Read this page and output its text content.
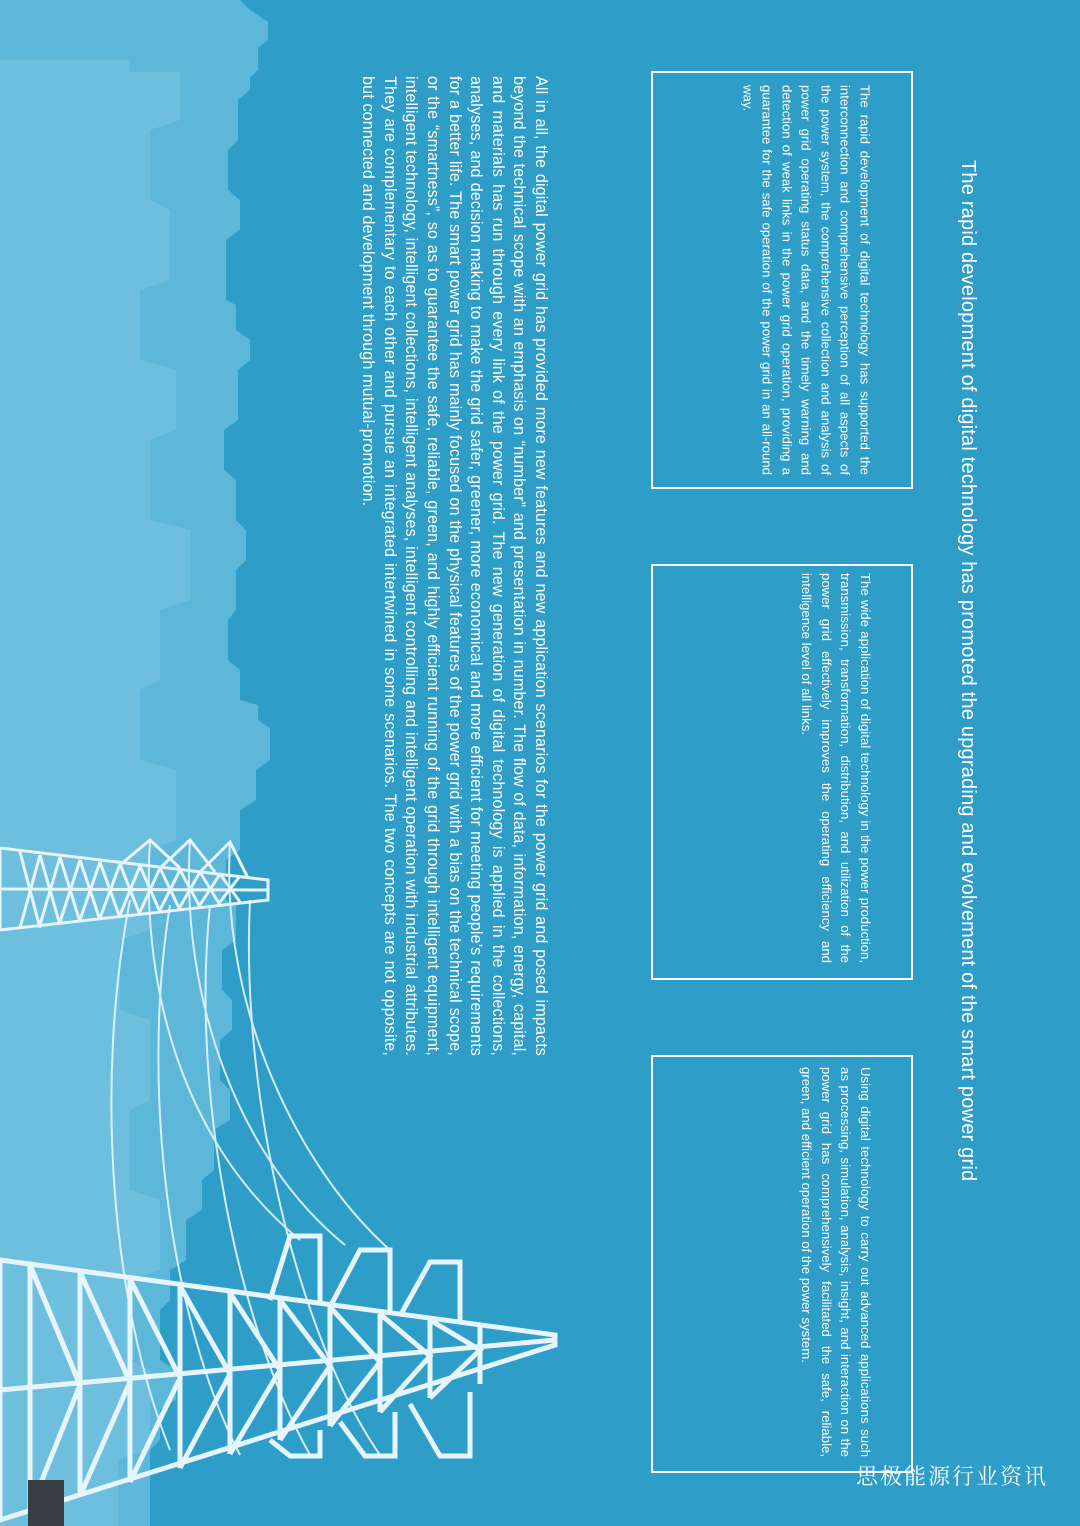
The rapid development of digital technology has promoted the upgrading and evolvement of the smart power grid
All in all, the digital power grid has provided more new features and new application scenarios for the power grid and posed impacts beyond the technical scope with an emphasis on “number” and presentation in number. The flow of data, information, energy, capital, and materials has run through every link of the power grid. The new generation of digital technology is applied in the collections, analyses, and decision making to make the grid safer, greener, more economical and more efficient for meeting people’s requirements for a better life. The smart power grid has mainly focused on the physical features of the power grid with a bias on the technical scope, or the “smartness”, so as to guarantee the safe, reliable, green, and highly efficient running of the grid through intelligent equipment, intelligent technology, intelligent collections, intelligent analyses, intelligent controlling and intelligent operation with industrial attributes. They are complementary to each other and pursue an integrated intertwined in some scenarios. The two concepts are not opposite, but connected and development through mutual-promotion.	The rapid development of digital technology has supported the interconnection and comprehensive perception of all aspects of the power system, the comprehensive collection and analysis of power grid operating status data, and the timely warning and detection of weak links in the power grid operation, providing a guarantee for the safe operation of the power grid in an all-round way.
The wide application of digital technology in the power production, transmission, transformation, distribution, and utilization of the power grid effectively improves the operating efficiency and intelligence level of all links.
Using digital technology to carry out advanced applications such as processing, simulation, analysis, insight, and interaction on the power grid has comprehensively facilitated the safe, reliable, green, and efficient operation of the power system.
思极能源行业资讯
